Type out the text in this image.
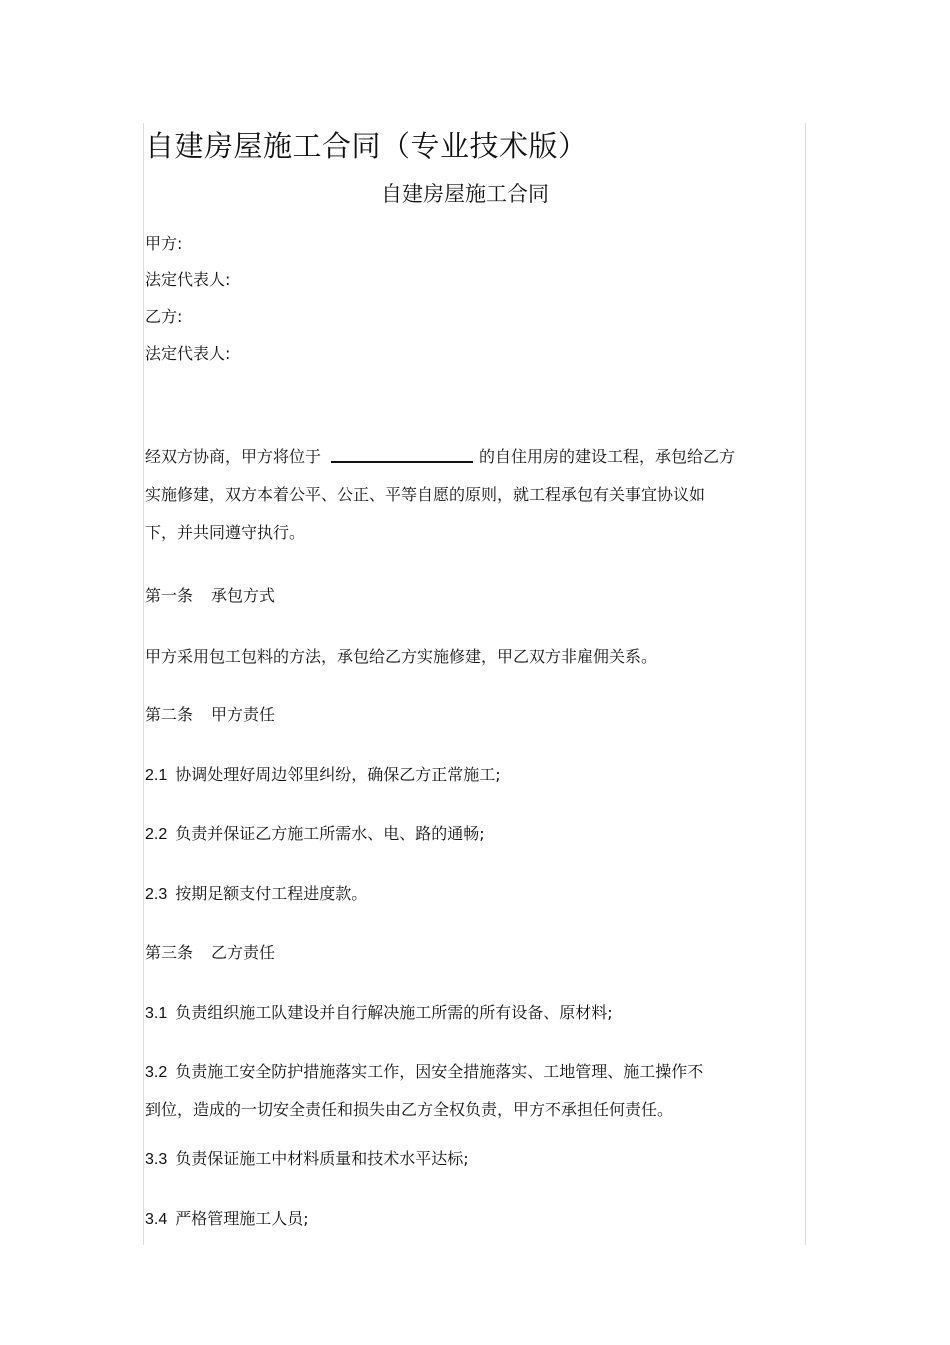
自建房屋施工合同（专业技术版）
自建房屋施工合同
甲方:
法定代表人:
乙方:
法定代表人:
经双方协商，甲方将位于	的自住用房的建设工程，承包给乙方
实施修建，双方本着公平、公正、平等自愿的原则，就工程承包有关事宜协议如
下，并共同遵守执行。
第一条 承包方式
甲方采用包工包料的方法，承包给乙方实施修建，甲乙双方非雇佣关系。
第二条 甲方责任
2.1 协调处理好周边邻里纠纷，确保乙方正常施工;
2.2 负责并保证乙方施工所需水、电、路的通畅;
2.3 按期足额支付工程进度款。
第三条 乙方责任
3.1 负责组织施工队建设并自行解决施工所需的所有设备、原材料;
3.2 负责施工安全防护措施落实工作，因安全措施落实、工地管理、施工操作不
到位，造成的一切安全责任和损失由乙方全权负责，甲方不承担任何责任。
3.3 负责保证施工中材料质量和技术水平达标;
3.4 严格管理施工人员;
